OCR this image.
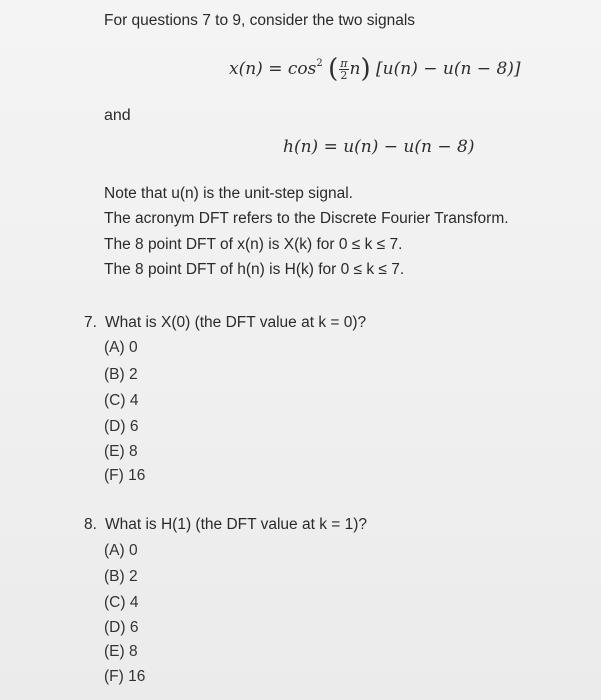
For questions 7 to 9, consider the two signals
$x(n) = \cos^2$ ( $\frac{\pi}{2} n$) [u(n) − u(n − 8)]
and
h(n) = u(n) − u(n − 8)
Note that u(n) is the unit-step signal.
The acronym DFT refers to the Discrete Fourier Transform.
The 8 point DFT of x(n) is X(k) for 0 ≤ k ≤ 7.
The 8 point DFT of h(n) is H(k) for 0 ≤ k ≤ 7.
7. What is X(0) (the DFT value at k = 0)?
(A) 0
(B) 2
(C) 4
(D) 6
(E) 8
(F) 16
8. What is H(1) (the DFT value at k = 1)?
(A) 0
(B) 2
(C) 4
(D) 6
(E) 8
(F) 16
